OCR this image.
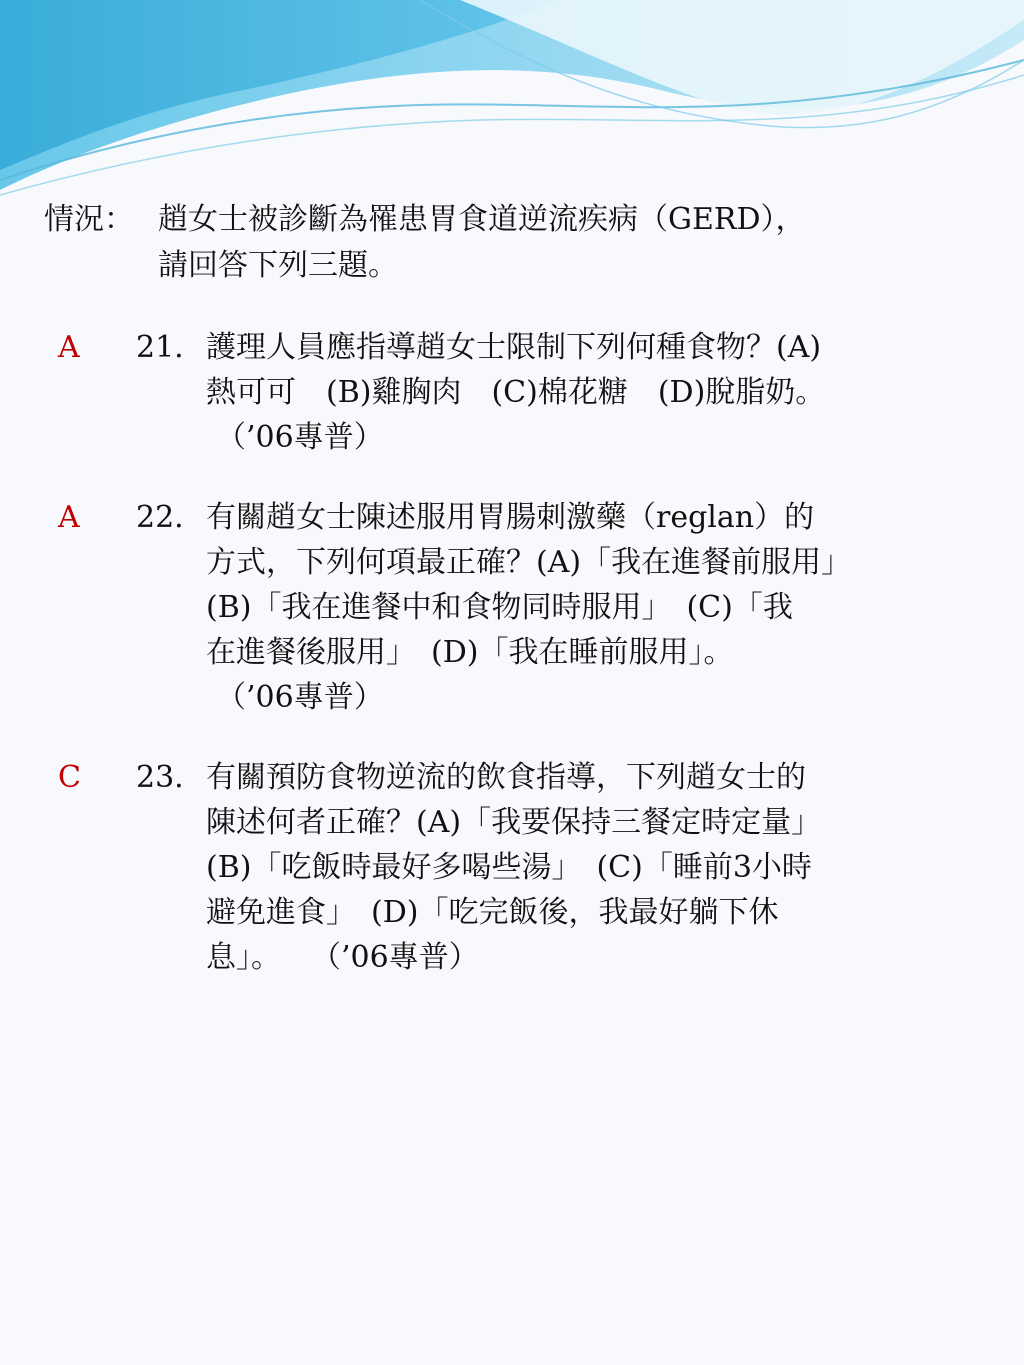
情況： 趙女士被診斷為罹患胃食道逆流疾病（GERD），
請回答下列三題。
A 21. 護理人員應指導趙女士限制下列何種食物？(A)
熱可可　(B)雞胸肉　(C)棉花糖　(D)脫脂奶。
（’06專普）
A 22. 有關趙女士陳述服用胃腸刺激藥（reglan）的
方式，下列何項最正確？(A)「我在進餐前服用」
(B)「我在進餐中和食物同時服用」　(C)「我
在進餐後服用」　(D)「我在睡前服用」。
（’06專普）
C 23. 有關預防食物逆流的飲食指導，下列趙女士的
陳述何者正確？(A)「我要保持三餐定時定量」
(B)「吃飯時最好多喝些湯」　(C)「睡前3小時
避免進食」　(D)「吃完飯後，我最好躺下休
息」。　　（’06專普）
